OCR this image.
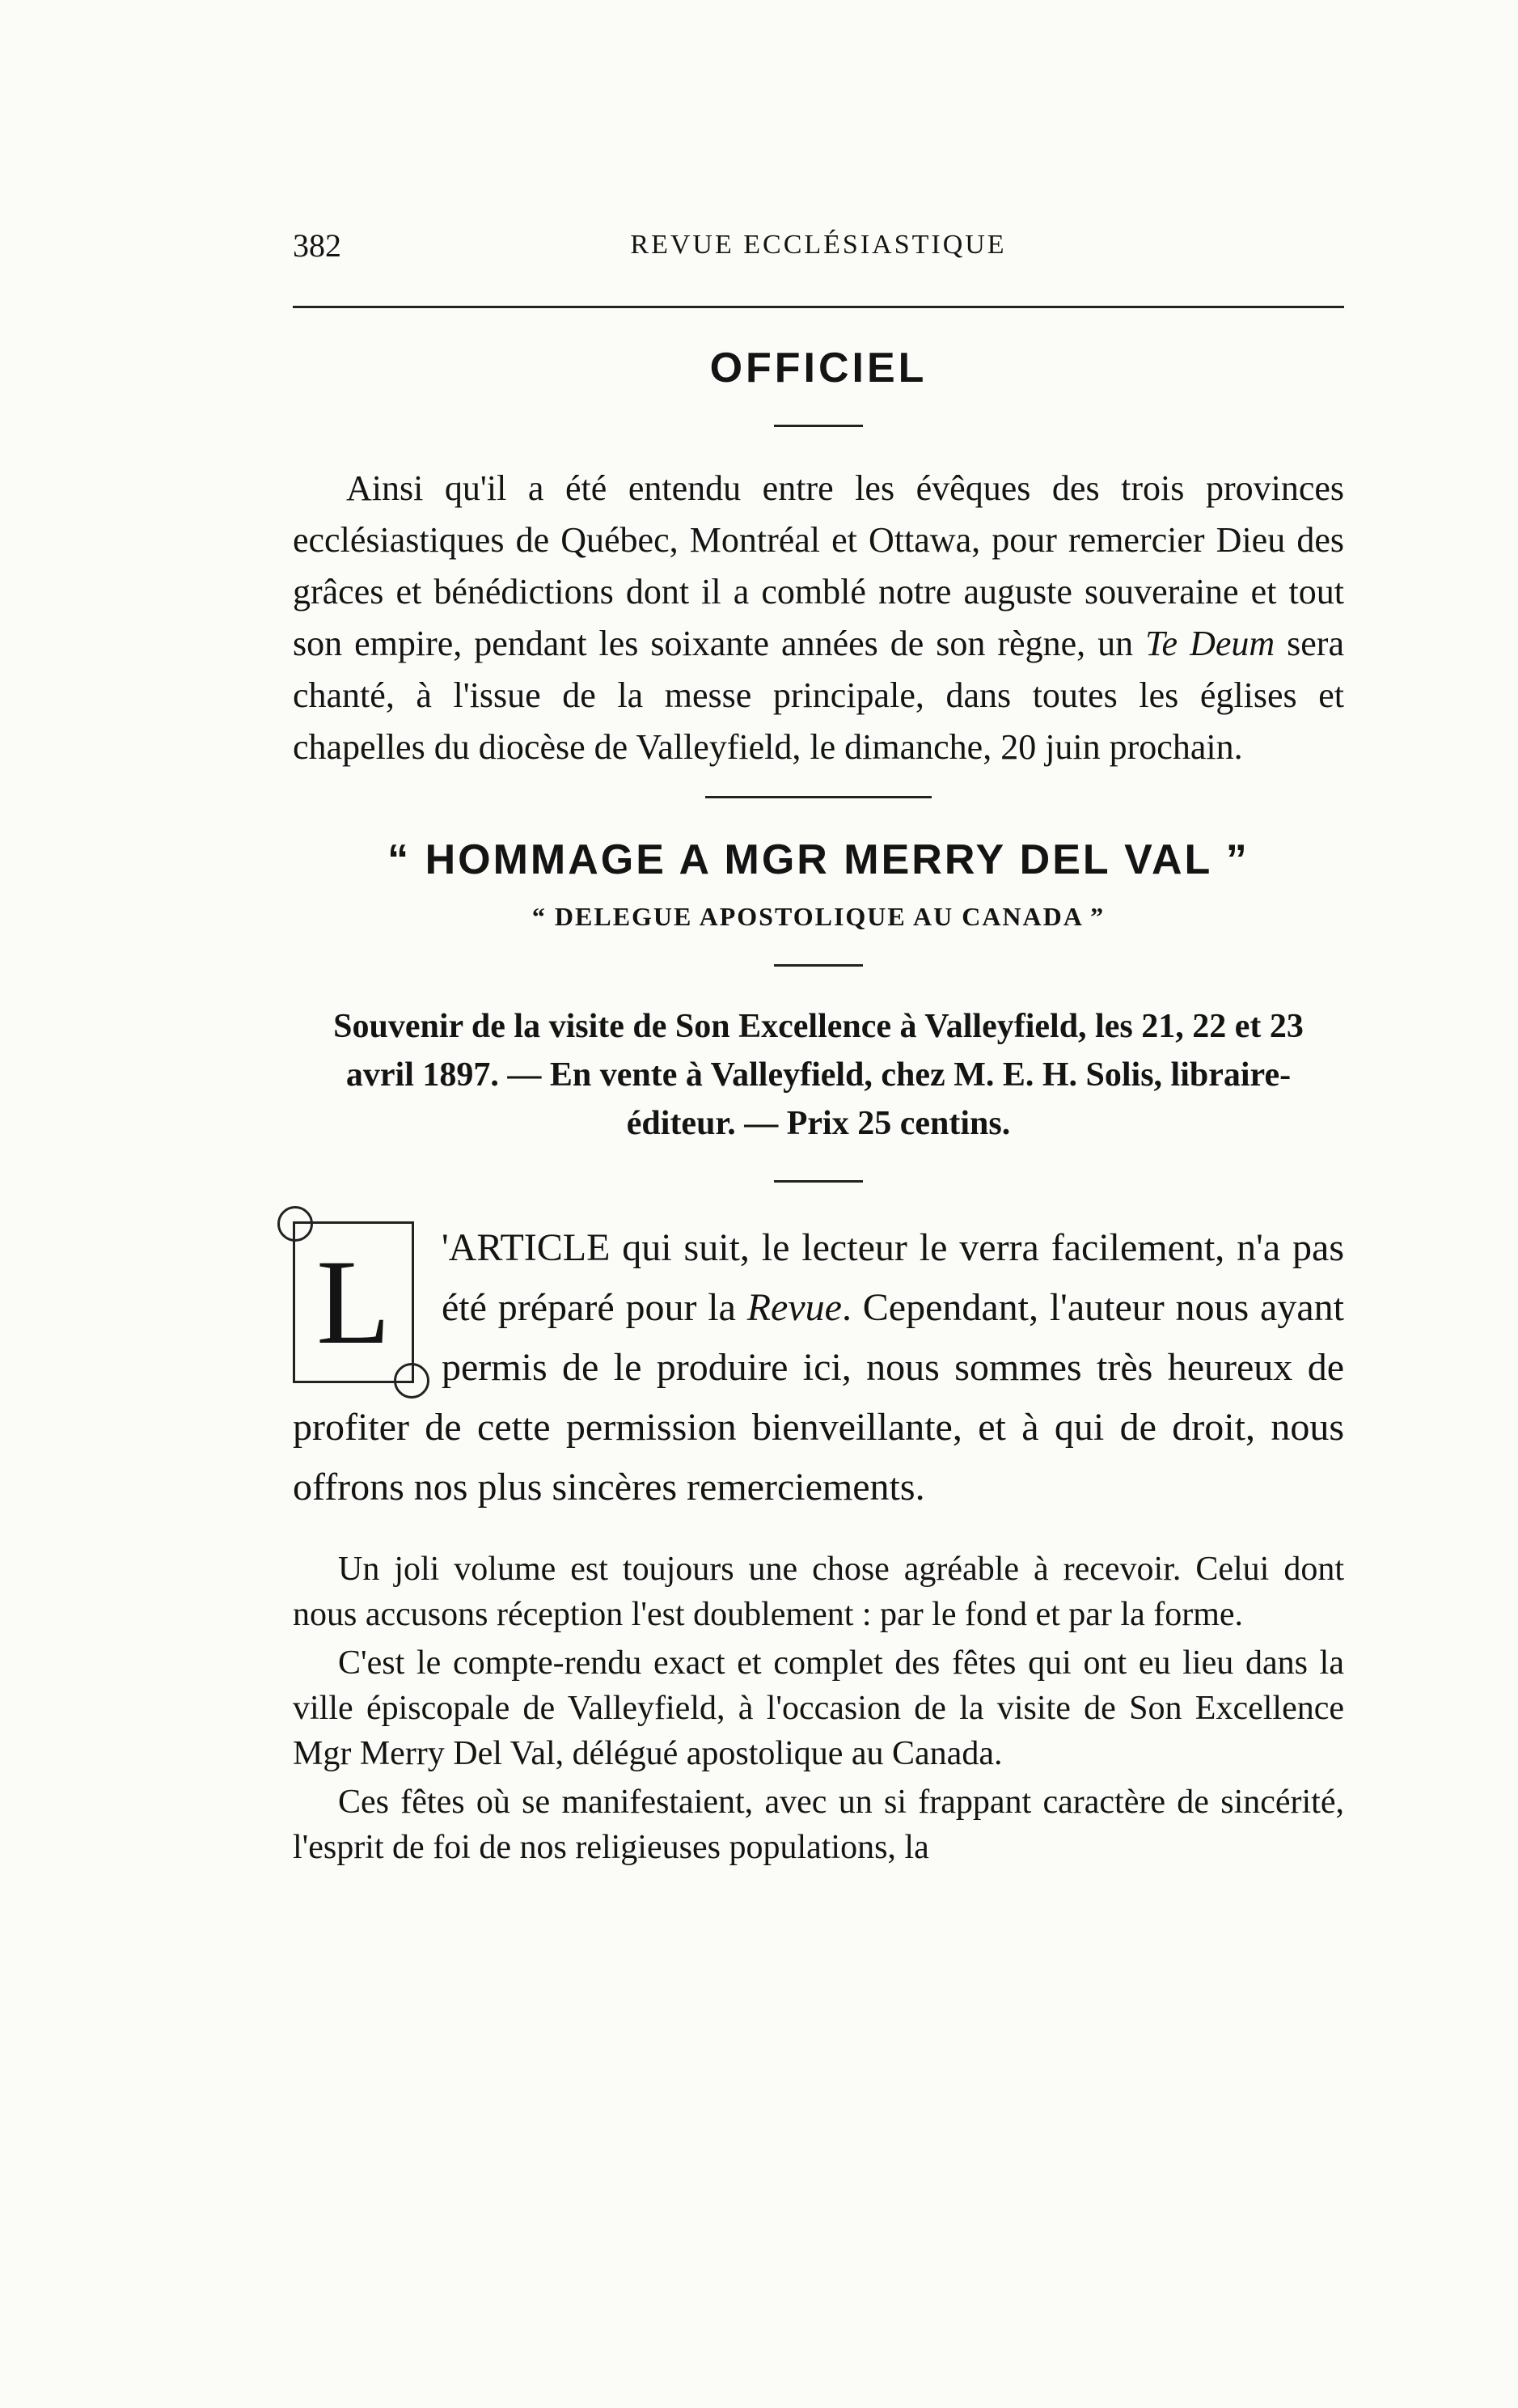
382	REVUE ECCLÉSIASTIQUE
OFFICIEL

Ainsi qu'il a été entendu entre les évêques des trois provinces ecclésiastiques de Québec, Montréal et Ottawa, pour remercier Dieu des grâces et bénédictions dont il a comblé notre auguste souveraine et tout son empire, pendant les soixante années de son règne, un Te Deum sera chanté, à l'issue de la messe principale, dans toutes les églises et chapelles du diocèse de Valleyfield, le dimanche, 20 juin prochain.

“ HOMMAGE A MGR MERRY DEL VAL ”
“ DELEGUE APOSTOLIQUE AU CANADA ”

Souvenir de la visite de Son Excellence à Valleyfield, les 21, 22 et 23 avril 1897. — En vente à Valleyfield, chez M. E. H. Solis, libraire-éditeur. — Prix 25 centins.

L	'ARTICLE qui suit, le lecteur le verra facilement, n'a pas été préparé pour la Revue. Cependant, l'auteur nous ayant permis de le produire ici, nous sommes très heureux de profiter de cette permission bienveillante, et à qui de droit, nous offrons nos plus sincères remerciements.

Un joli volume est toujours une chose agréable à recevoir. Celui dont nous accusons réception l'est doublement : par le fond et par la forme.

C'est le compte-rendu exact et complet des fêtes qui ont eu lieu dans la ville épiscopale de Valleyfield, à l'occasion de la visite de Son Excellence Mgr Merry Del Val, délégué apostolique au Canada.

Ces fêtes où se manifestaient, avec un si frappant caractère de sincérité, l'esprit de foi de nos religieuses populations, la
